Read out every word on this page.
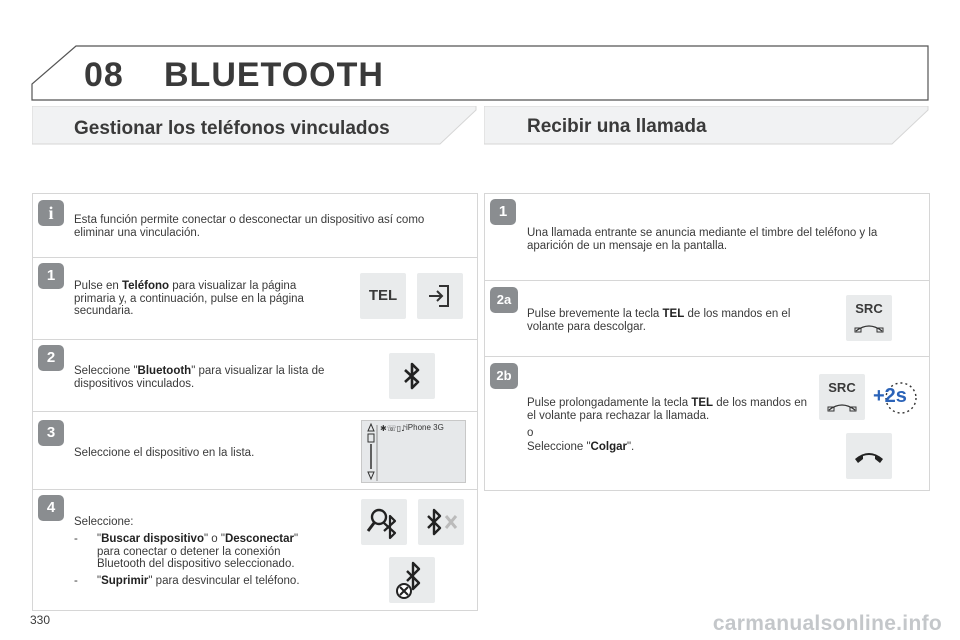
08 BLUETOOTH
Gestionar los teléfonos vinculados	Recibir una llamada
i	Esta función permite conectar o desconectar un dispositivo así como eliminar una vinculación.
1
Pulse en Teléfono para visualizar la página primaria y, a continuación, pulse en la página secundaria.
TEL
2
Seleccione "Bluetooth" para visualizar la lista de dispositivos vinculados.
3
Seleccione el dispositivo en la lista.
4
Seleccione:
- "Buscar dispositivo" o "Desconectar"
para conectar o detener la conexión Bluetooth del dispositivo seleccionado.
- "Suprimir" para desvincular el teléfono.
✱☏▯♪ iPhone 3G
1
Una llamada entrante se anuncia mediante el timbre del teléfono y la aparición de un mensaje en la pantalla.
2a
Pulse brevemente la tecla TEL de los mandos en el volante para descolgar.
SRC
2b
Pulse prolongadamente la tecla TEL de los mandos en el volante para rechazar la llamada.
o
Seleccione "Colgar".
SRC +2s
330	carmanualsonline.info
